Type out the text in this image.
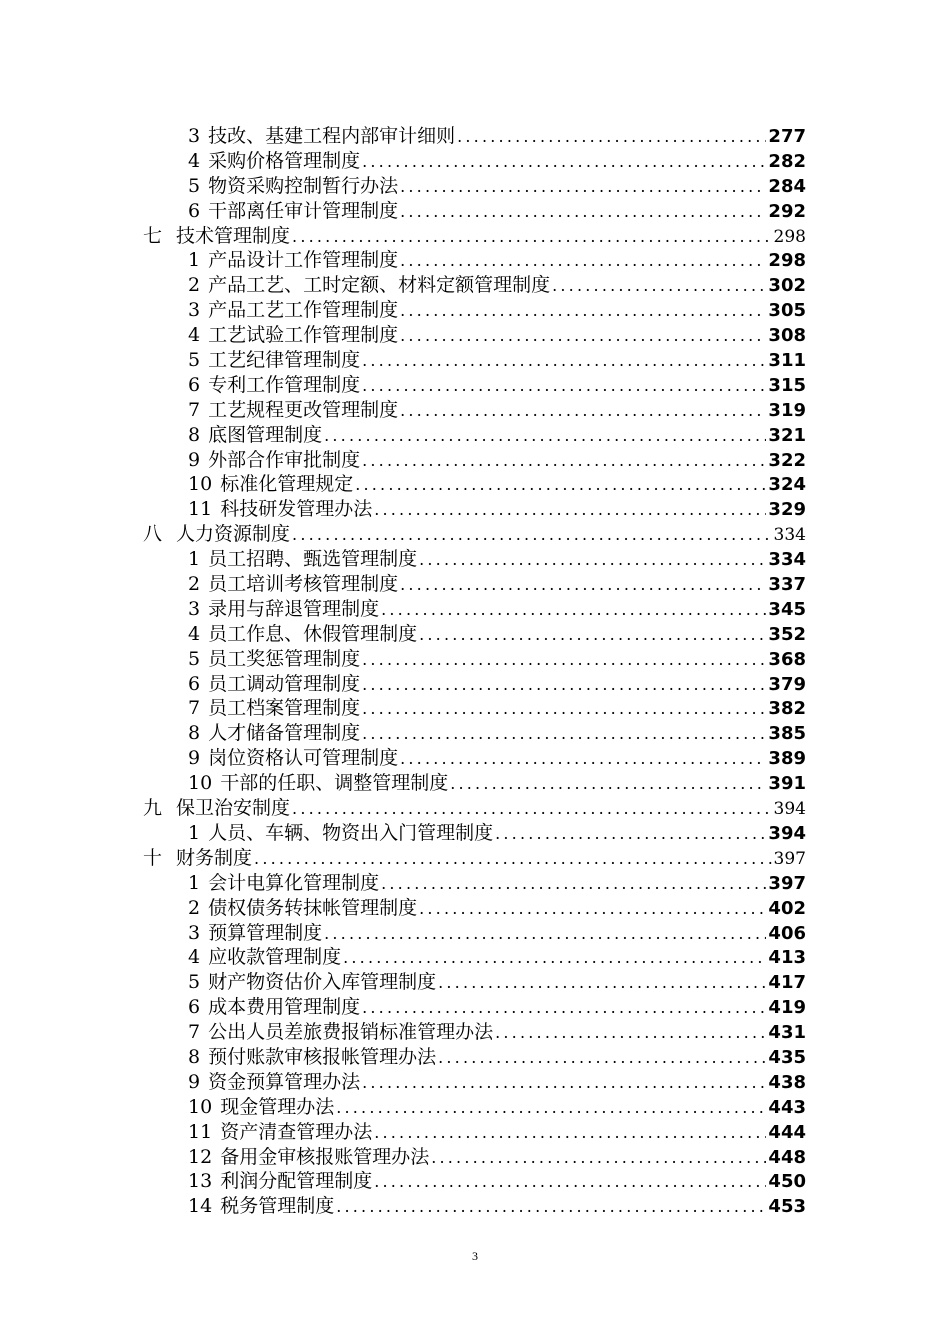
3 技改、基建工程内部审计细则 .....	277
4 采购价格管理制度 .....	282
5 物资采购控制暂行办法 .....	284
6 干部离任审计管理制度 .....	292
七 技术管理制度 .....	298
1 产品设计工作管理制度 .....	298
2 产品工艺、工时定额、材料定额管理制度 .....	302
3 产品工艺工作管理制度 .....	305
4 工艺试验工作管理制度 .....	308
5 工艺纪律管理制度 .....	311
6 专利工作管理制度 .....	315
7 工艺规程更改管理制度 .....	319
8 底图管理制度 .....	321
9 外部合作审批制度 .....	322
10 标准化管理规定 .....	324
11 科技研发管理办法 .....	329
八 人力资源制度 .....	334
1 员工招聘、甄选管理制度 .....	334
2 员工培训考核管理制度 .....	337
3 录用与辞退管理制度 .....	345
4 员工作息、休假管理制度 .....	352
5 员工奖惩管理制度 .....	368
6 员工调动管理制度 .....	379
7 员工档案管理制度 .....	382
8 人才储备管理制度 .....	385
9 岗位资格认可管理制度 .....	389
10 干部的任职、调整管理制度 .....	391
九 保卫治安制度 .....	394
1 人员、车辆、物资出入门管理制度 .....	394
十 财务制度 .....	397
1 会计电算化管理制度 .....	397
2 债权债务转抹帐管理制度 .....	402
3 预算管理制度 .....	406
4 应收款管理制度 .....	413
5 财产物资估价入库管理制度 .....	417
6 成本费用管理制度 .....	419
7 公出人员差旅费报销标准管理办法 .....	431
8 预付账款审核报帐管理办法 .....	435
9 资金预算管理办法 .....	438
10 现金管理办法 .....	443
11 资产清查管理办法 .....	444
12 备用金审核报账管理办法 .....	448
13 利润分配管理制度 .....	450
14 税务管理制度 .....	453
3
